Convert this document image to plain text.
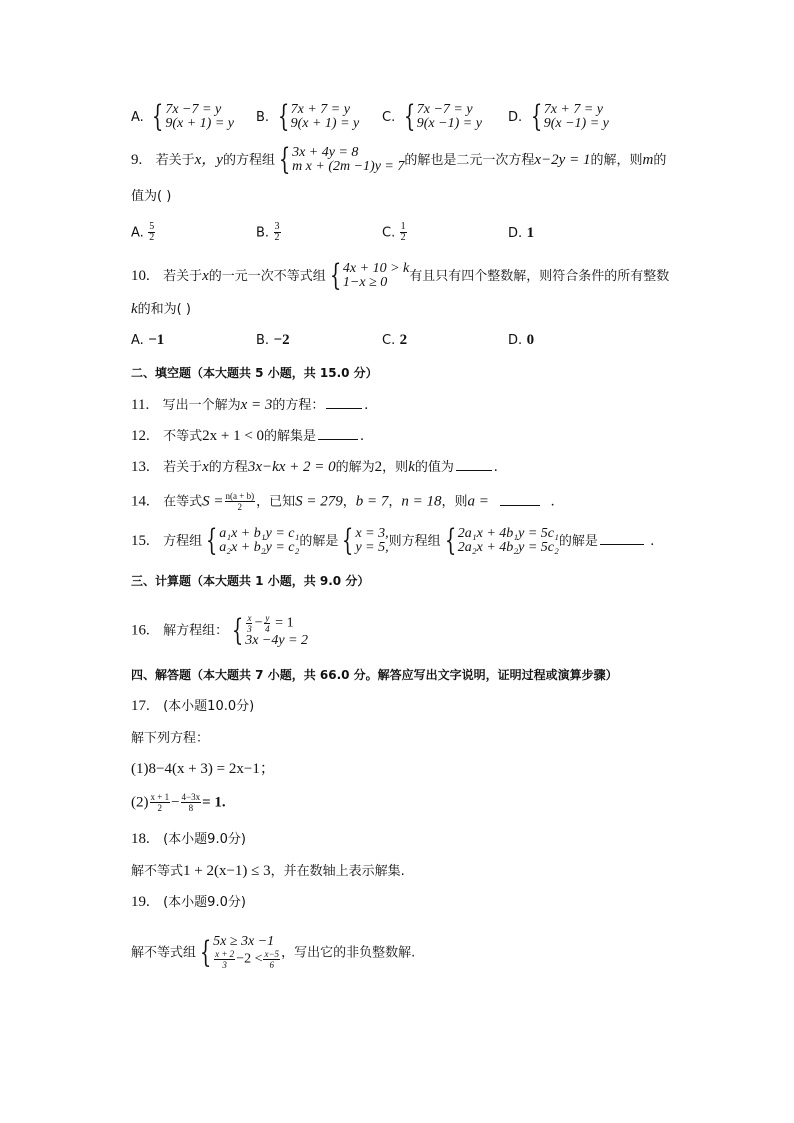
A. { 7x −7 = y
9(x + 1) = y B. { 7x + 7 = y
9(x + 1) = y C. { 7x −7 = y
9(x −1) = y D. { 7x + 7 = y
9(x −1) = y
9. 若关于x，y的方程组 { 3x + 4y = 8
m x + (2m −1)y = 7 的解也是二元一次方程x−2y = 1的解，则m的
值为( )
A. $\frac{5}{2}$	B. $\frac{3}{2}$	C. $\frac{1}{2}$	D. 1
10. 若关于x的一元一次不等式组 { 4x + 10 > k
1−x ≥ 0	有且只有四个整数解，则符合条件的所有整数
k的和为( )
A. −1	B. −2	C. 2	D. 0
二、填空题（本大题共 5 小题，共 15.0 分）
11. 写出一个解为x = 3的方程：	.
12. 不等式2x + 1 < 0的解集是	.
13. 若关于x的方程3x−kx + 2 = 0的解为2，则k的值为	.
14. 在等式$S = \frac{n(a + b)}{2}$ ，已知S = 279，b = 7，n = 18，则a =	.
15. 方程组 { a₁x + b₁y = c₁
a₂x + b₂y = c₂ 的解是 { x = 3,
y = 5, 则方程组 { 2a₁x + 4b₁y = 5c₁
2a₂x + 4b₂y = 5c₂ 的解是	.
三、计算题（本大题共 1 小题，共 9.0 分）
16. 解方程组： { $\frac{x}{3} - \frac{y}{4} = 1$
3x −4y = 2
四、解答题（本大题共 7 小题，共 66.0 分。解答应写出文字说明，证明过程或演算步骤）
17. (本小题10.0分)
解下列方程：
(1)8−4(x + 3) = 2x−1；
$(2) \frac{x + 1}{2} - \frac{4-3x}{8} = 1$.
18. (本小题9.0分)
解不等式1 + 2(x−1) ≤ 3，并在数轴上表示解集.
19. (本小题9.0分)
解不等式组 { 5x ≥ 3x −1
$\frac{x + 2}{3} -2 < \frac{x-5}{6}$ ，写出它的非负整数解.
